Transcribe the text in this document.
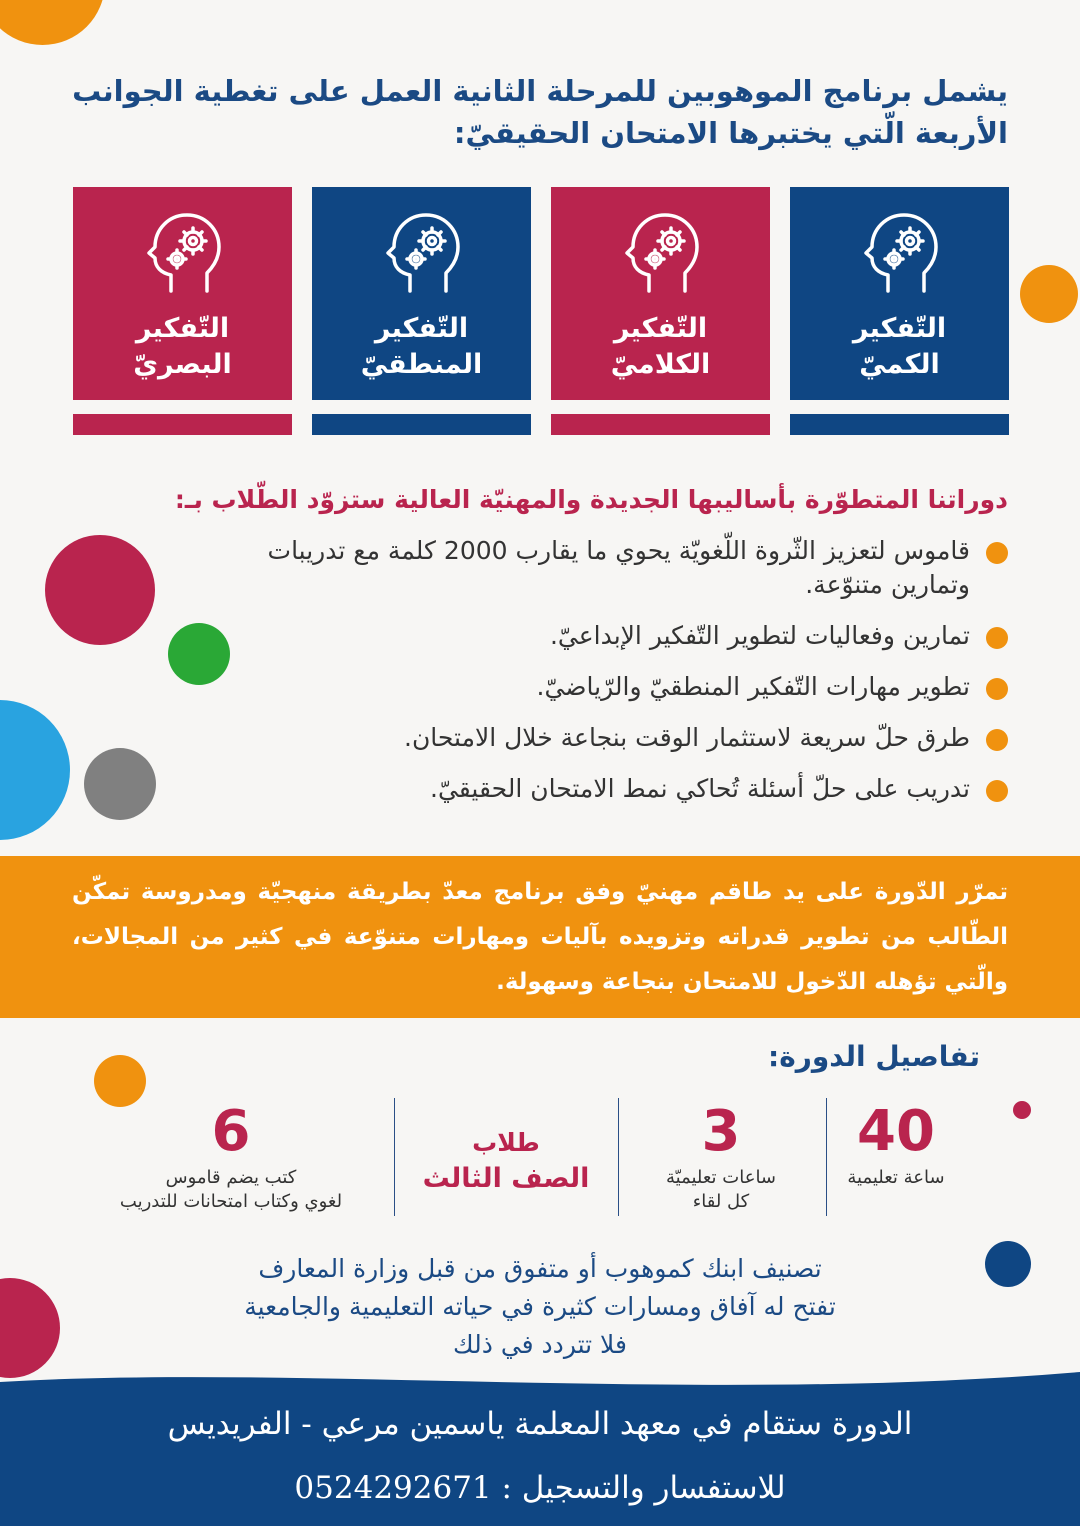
يشمل برنامج الموهوبين للمرحلة الثانية العمل على تغطية الجوانب
الأربعة الّتي يختبرها الامتحان الحقيقيّ:
التّفكير
الكميّ
التّفكير
الكلاميّ
التّفكير
المنطقيّ
التّفكير
البصريّ
دوراتنا المتطوّرة بأساليبها الجديدة والمهنيّة العالية ستزوّد الطّلاب بـ:
قاموس لتعزيز الثّروة اللّغويّة يحوي ما يقارب 2000 كلمة مع تدريبات وتمارين متنوّعة.
تمارين وفعاليات لتطوير التّفكير الإبداعيّ.
تطوير مهارات التّفكير المنطقيّ والرّياضيّ.
طرق حلّ سريعة لاستثمار الوقت بنجاعة خلال الامتحان.
تدريب على حلّ أسئلة تُحاكي نمط الامتحان الحقيقيّ.
تمرّر الدّورة على يد طاقم مهنيّ وفق برنامج معدّ بطريقة منهجيّة ومدروسة تمكّن الطّالب من تطوير قدراته وتزويده بآليات ومهارات متنوّعة في كثير من المجالات، والّتي تؤهله الدّخول للامتحان بنجاعة وسهولة.
تفاصيل الدورة:
40
ساعة تعليمية
3
ساعات تعليميّة
كل لقاء
طلاب
الصف الثالث
6
كتب يضم قاموس
لغوي وكتاب امتحانات للتدريب
تصنيف ابنك كموهوب أو متفوق من قبل وزارة المعارف
تفتح له آفاق ومسارات كثيرة في حياته التعليمية والجامعية
فلا تتردد في ذلك
الدورة ستقام في معهد المعلمة ياسمين مرعي - الفريديس
للاستفسار والتسجيل : 0524292671
